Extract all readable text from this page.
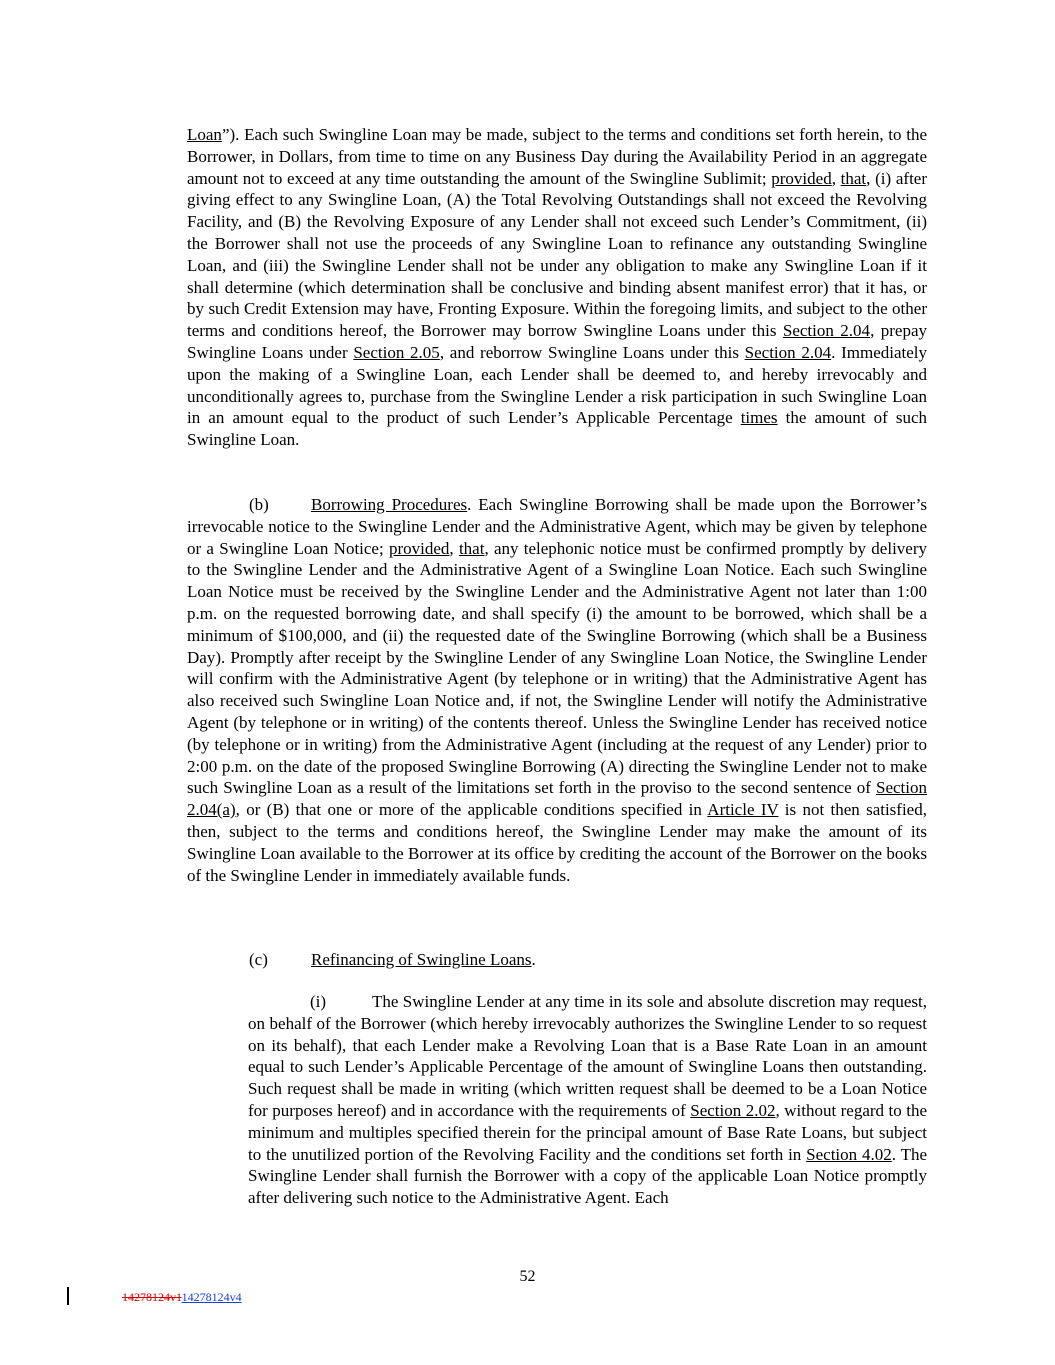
Loan”). Each such Swingline Loan may be made, subject to the terms and conditions set forth herein, to the Borrower, in Dollars, from time to time on any Business Day during the Availability Period in an aggregate amount not to exceed at any time outstanding the amount of the Swingline Sublimit; provided, that, (i) after giving effect to any Swingline Loan, (A) the Total Revolving Outstandings shall not exceed the Revolving Facility, and (B) the Revolving Exposure of any Lender shall not exceed such Lender’s Commitment, (ii) the Borrower shall not use the proceeds of any Swingline Loan to refinance any outstanding Swingline Loan, and (iii) the Swingline Lender shall not be under any obligation to make any Swingline Loan if it shall determine (which determination shall be conclusive and binding absent manifest error) that it has, or by such Credit Extension may have, Fronting Exposure. Within the foregoing limits, and subject to the other terms and conditions hereof, the Borrower may borrow Swingline Loans under this Section 2.04, prepay Swingline Loans under Section 2.05, and reborrow Swingline Loans under this Section 2.04. Immediately upon the making of a Swingline Loan, each Lender shall be deemed to, and hereby irrevocably and unconditionally agrees to, purchase from the Swingline Lender a risk participation in such Swingline Loan in an amount equal to the product of such Lender’s Applicable Percentage times the amount of such Swingline Loan.

(b) Borrowing Procedures. Each Swingline Borrowing shall be made upon the Borrower’s irrevocable notice to the Swingline Lender and the Administrative Agent, which may be given by telephone or a Swingline Loan Notice; provided, that, any telephonic notice must be confirmed promptly by delivery to the Swingline Lender and the Administrative Agent of a Swingline Loan Notice. Each such Swingline Loan Notice must be received by the Swingline Lender and the Administrative Agent not later than 1:00 p.m. on the requested borrowing date, and shall specify (i) the amount to be borrowed, which shall be a minimum of $100,000, and (ii) the requested date of the Swingline Borrowing (which shall be a Business Day). Promptly after receipt by the Swingline Lender of any Swingline Loan Notice, the Swingline Lender will confirm with the Administrative Agent (by telephone or in writing) that the Administrative Agent has also received such Swingline Loan Notice and, if not, the Swingline Lender will notify the Administrative Agent (by telephone or in writing) of the contents thereof. Unless the Swingline Lender has received notice (by telephone or in writing) from the Administrative Agent (including at the request of any Lender) prior to 2:00 p.m. on the date of the proposed Swingline Borrowing (A) directing the Swingline Lender not to make such Swingline Loan as a result of the limitations set forth in the proviso to the second sentence of Section 2.04(a), or (B) that one or more of the applicable conditions specified in Article IV is not then satisfied, then, subject to the terms and conditions hereof, the Swingline Lender may make the amount of its Swingline Loan available to the Borrower at its office by crediting the account of the Borrower on the books of the Swingline Lender in immediately available funds.

(c)	Refinancing of Swingline Loans.

(i)	The Swingline Lender at any time in its sole and absolute discretion may request, on behalf of the Borrower (which hereby irrevocably authorizes the Swingline Lender to so request on its behalf), that each Lender make a Revolving Loan that is a Base Rate Loan in an amount equal to such Lender’s Applicable Percentage of the amount of Swingline Loans then outstanding. Such request shall be made in writing (which written request shall be deemed to be a Loan Notice for purposes hereof) and in accordance with the requirements of Section 2.02, without regard to the minimum and multiples specified therein for the principal amount of Base Rate Loans, but subject to the unutilized portion of the Revolving Facility and the conditions set forth in Section 4.02. The Swingline Lender shall furnish the Borrower with a copy of the applicable Loan Notice promptly after delivering such notice to the Administrative Agent. Each

52
14278124v114278124v4
